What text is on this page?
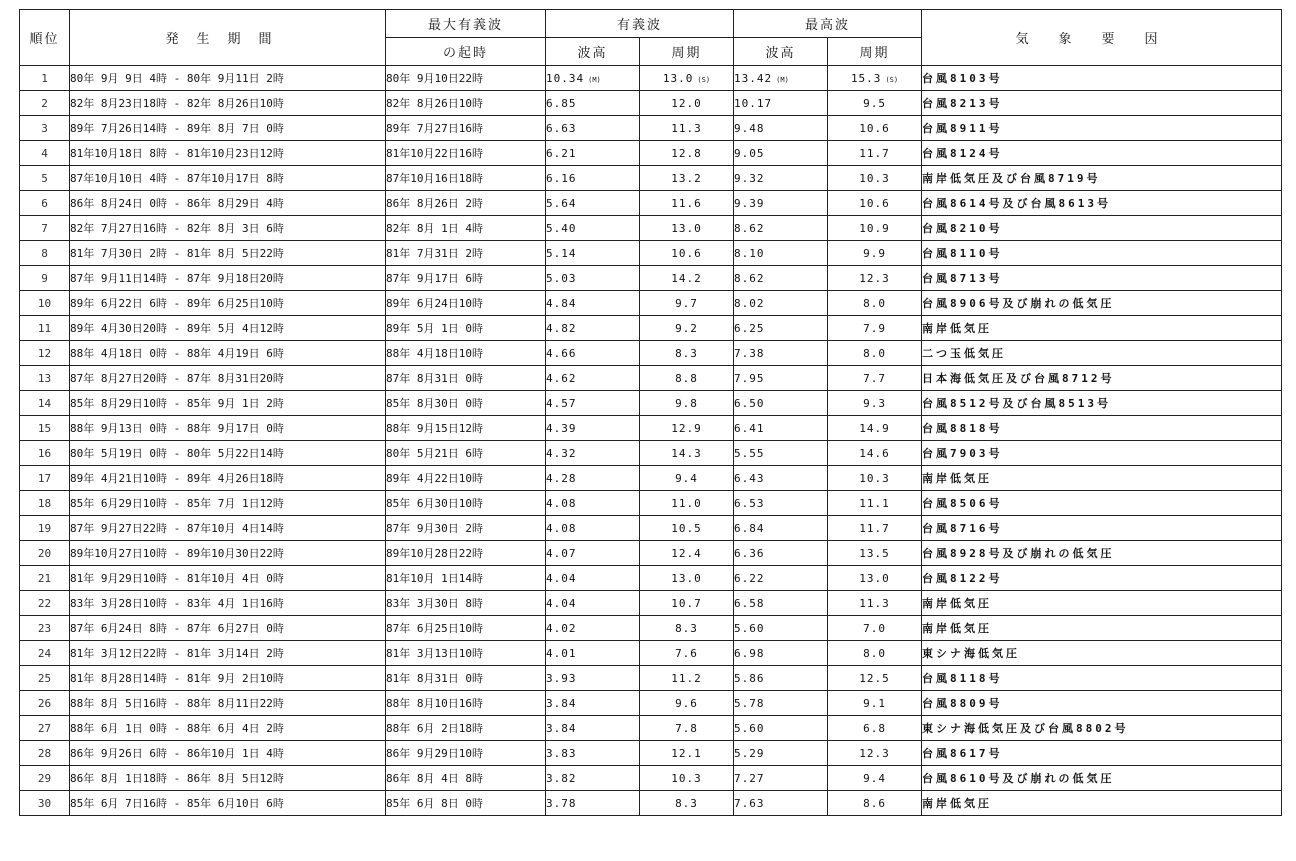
順位	発生期間	最大有義波	有義波		最高波		気象要因
		の起時	波高	周期	波高	周期	
1	80年 9月 9日 4時 - 80年 9月11日 2時	80年 9月10日22時	10.34 (M)	13.0 (S)	13.42 (M)	15.3 (S)	台風8103号
2	82年 8月23日18時 - 82年 8月26日10時	82年 8月26日10時	6.85	12.0	10.17	9.5	台風8213号
3	89年 7月26日14時 - 89年 8月 7日 0時	89年 7月27日16時	6.63	11.3	9.48	10.6	台風8911号
4	81年10月18日 8時 - 81年10月23日12時	81年10月22日16時	6.21	12.8	9.05	11.7	台風8124号
5	87年10月10日 4時 - 87年10月17日 8時	87年10月16日18時	6.16	13.2	9.32	10.3	南岸低気圧及び台風8719号
6	86年 8月24日 0時 - 86年 8月29日 4時	86年 8月26日 2時	5.64	11.6	9.39	10.6	台風8614号及び台風8613号
7	82年 7月27日16時 - 82年 8月 3日 6時	82年 8月 1日 4時	5.40	13.0	8.62	10.9	台風8210号
8	81年 7月30日 2時 - 81年 8月 5日22時	81年 7月31日 2時	5.14	10.6	8.10	9.9	台風8110号
9	87年 9月11日14時 - 87年 9月18日20時	87年 9月17日 6時	5.03	14.2	8.62	12.3	台風8713号
10	89年 6月22日 6時 - 89年 6月25日10時	89年 6月24日10時	4.84	9.7	8.02	8.0	台風8906号及び崩れの低気圧
11	89年 4月30日20時 - 89年 5月 4日12時	89年 5月 1日 0時	4.82	9.2	6.25	7.9	南岸低気圧
12	88年 4月18日 0時 - 88年 4月19日 6時	88年 4月18日10時	4.66	8.3	7.38	8.0	二つ玉低気圧
13	87年 8月27日20時 - 87年 8月31日20時	87年 8月31日 0時	4.62	8.8	7.95	7.7	日本海低気圧及び台風8712号
14	85年 8月29日10時 - 85年 9月 1日 2時	85年 8月30日 0時	4.57	9.8	6.50	9.3	台風8512号及び台風8513号
15	88年 9月13日 0時 - 88年 9月17日 0時	88年 9月15日12時	4.39	12.9	6.41	14.9	台風8818号
16	80年 5月19日 0時 - 80年 5月22日14時	80年 5月21日 6時	4.32	14.3	5.55	14.6	台風7903号
17	89年 4月21日10時 - 89年 4月26日18時	89年 4月22日10時	4.28	9.4	6.43	10.3	南岸低気圧
18	85年 6月29日10時 - 85年 7月 1日12時	85年 6月30日10時	4.08	11.0	6.53	11.1	台風8506号
19	87年 9月27日22時 - 87年10月 4日14時	87年 9月30日 2時	4.08	10.5	6.84	11.7	台風8716号
20	89年10月27日10時 - 89年10月30日22時	89年10月28日22時	4.07	12.4	6.36	13.5	台風8928号及び崩れの低気圧
21	81年 9月29日10時 - 81年10月 4日 0時	81年10月 1日14時	4.04	13.0	6.22	13.0	台風8122号
22	83年 3月28日10時 - 83年 4月 1日16時	83年 3月30日 8時	4.04	10.7	6.58	11.3	南岸低気圧
23	87年 6月24日 8時 - 87年 6月27日 0時	87年 6月25日10時	4.02	8.3	5.60	7.0	南岸低気圧
24	81年 3月12日22時 - 81年 3月14日 2時	81年 3月13日10時	4.01	7.6	6.98	8.0	東シナ海低気圧
25	81年 8月28日14時 - 81年 9月 2日10時	81年 8月31日 0時	3.93	11.2	5.86	12.5	台風8118号
26	88年 8月 5日16時 - 88年 8月11日22時	88年 8月10日16時	3.84	9.6	5.78	9.1	台風8809号
27	88年 6月 1日 0時 - 88年 6月 4日 2時	88年 6月 2日18時	3.84	7.8	5.60	6.8	東シナ海低気圧及び台風8802号
28	86年 9月26日 6時 - 86年10月 1日 4時	86年 9月29日10時	3.83	12.1	5.29	12.3	台風8617号
29	86年 8月 1日18時 - 86年 8月 5日12時	86年 8月 4日 8時	3.82	10.3	7.27	9.4	台風8610号及び崩れの低気圧
30	85年 6月 7日16時 - 85年 6月10日 6時	85年 6月 8日 0時	3.78	8.3	7.63	8.6	南岸低気圧
